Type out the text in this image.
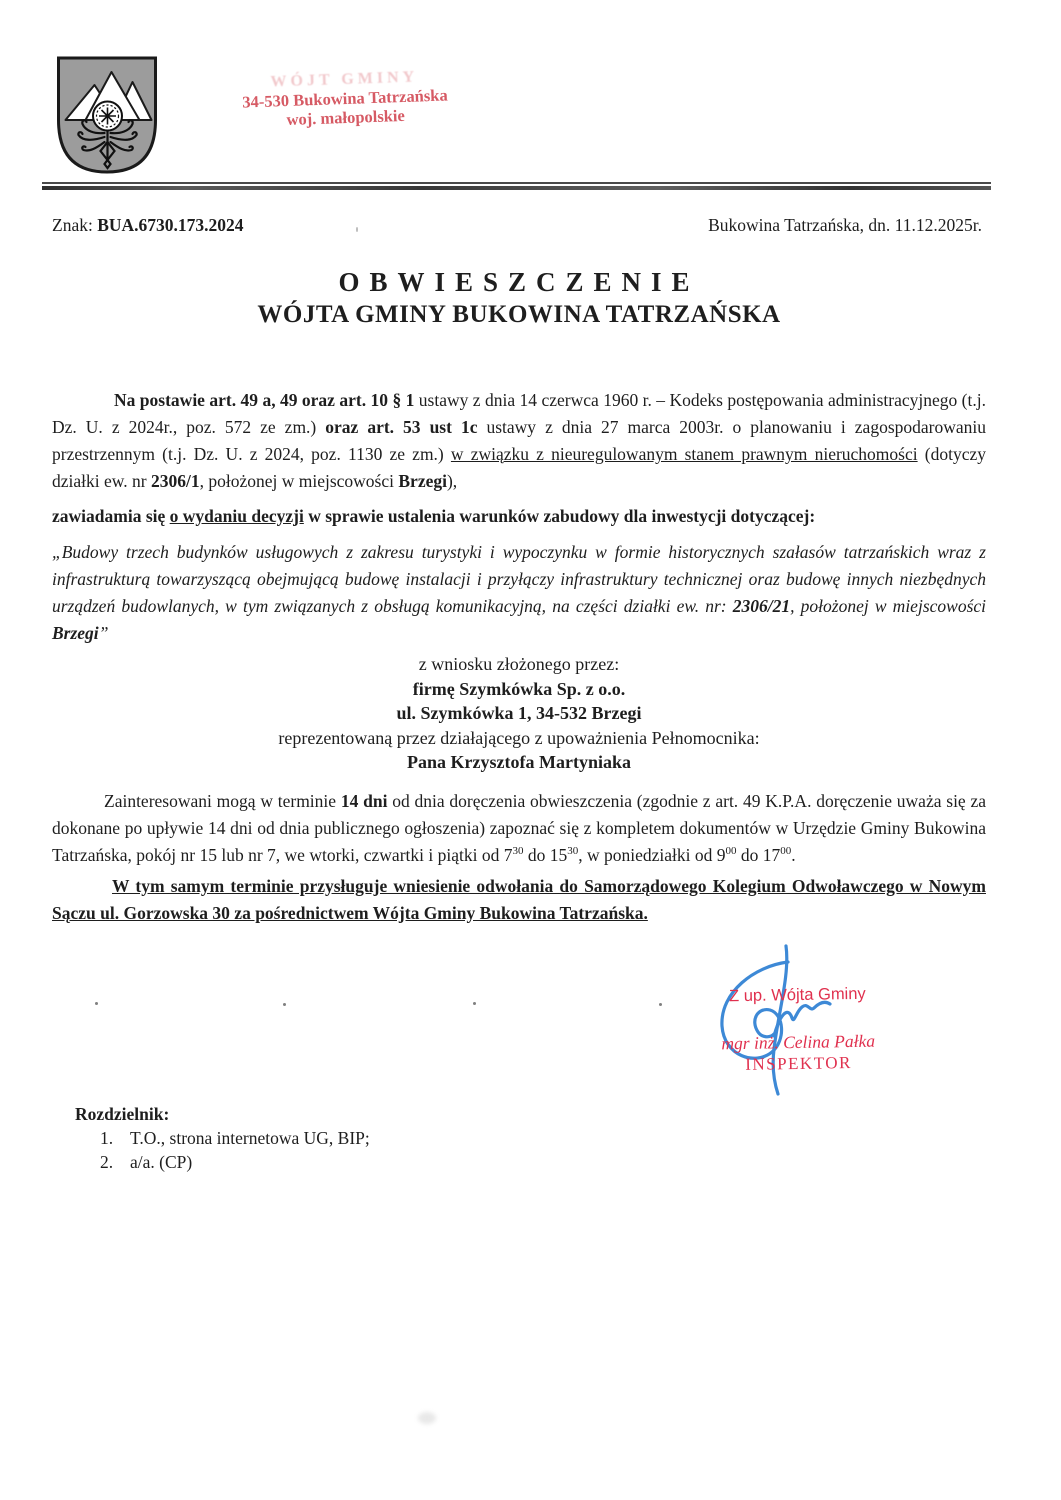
WÓJT GMINY
34-530 Bukowina Tatrzańska
woj. małopolskie
Znak: BUA.6730.173.2024	Bukowina Tatrzańska, dn. 11.12.2025r.
OBWIESZCZENIE
WÓJTA GMINY BUKOWINA TATRZAŃSKA

Na postawie art. 49 a, 49 oraz art. 10 § 1 ustawy z dnia 14 czerwca 1960 r. – Kodeks postępowania administracyjnego (t.j. Dz. U. z 2024r., poz. 572 ze zm.) oraz art. 53 ust 1c ustawy z dnia 27 marca 2003r. o planowaniu i zagospodarowaniu przestrzennym (t.j. Dz. U. z 2024, poz. 1130 ze zm.) w związku z nieuregulowanym stanem prawnym nieruchomości (dotyczy działki ew. nr 2306/1, położonej w miejscowości Brzegi),

zawiadamia się o wydaniu decyzji w sprawie ustalenia warunków zabudowy dla inwestycji dotyczącej:

„Budowy trzech budynków usługowych z zakresu turystyki i wypoczynku w formie historycznych szałasów tatrzańskich wraz z infrastrukturą towarzyszącą obejmującą budowę instalacji i przyłączy infrastruktury technicznej oraz budowę innych niezbędnych urządzeń budowlanych, w tym związanych z obsługą komunikacyjną, na części działki ew. nr: 2306/21, położonej w miejscowości Brzegi”

z wniosku złożonego przez:
firmę Szymkówka Sp. z o.o.
ul. Szymkówka 1, 34-532 Brzegi
reprezentowaną przez działającego z upoważnienia Pełnomocnika:
Pana Krzysztofa Martyniaka

Zainteresowani mogą w terminie 14 dni od dnia doręczenia obwieszczenia (zgodnie z art. 49 K.P.A. doręczenie uważa się za dokonane po upływie 14 dni od dnia publicznego ogłoszenia) zapoznać się z kompletem dokumentów w Urzędzie Gminy Bukowina Tatrzańska, pokój nr 15 lub nr 7, we wtorki, czwartki i piątki od $7^{30}$ do $15^{30}$, w poniedziałki od $9^{00}$ do $17^{00}$.

W tym samym terminie przysługuje wniesienie odwołania do Samorządowego Kolegium Odwoławczego w Nowym Sączu ul. Gorzowska 30 za pośrednictwem Wójta Gminy Bukowina Tatrzańska.

Z up. Wójta Gminy
mgr inż. Celina Pałka
INSPEKTOR
Rozdzielnik:
1. T.O., strona internetowa UG, BIP;
2. a/a. (CP)
